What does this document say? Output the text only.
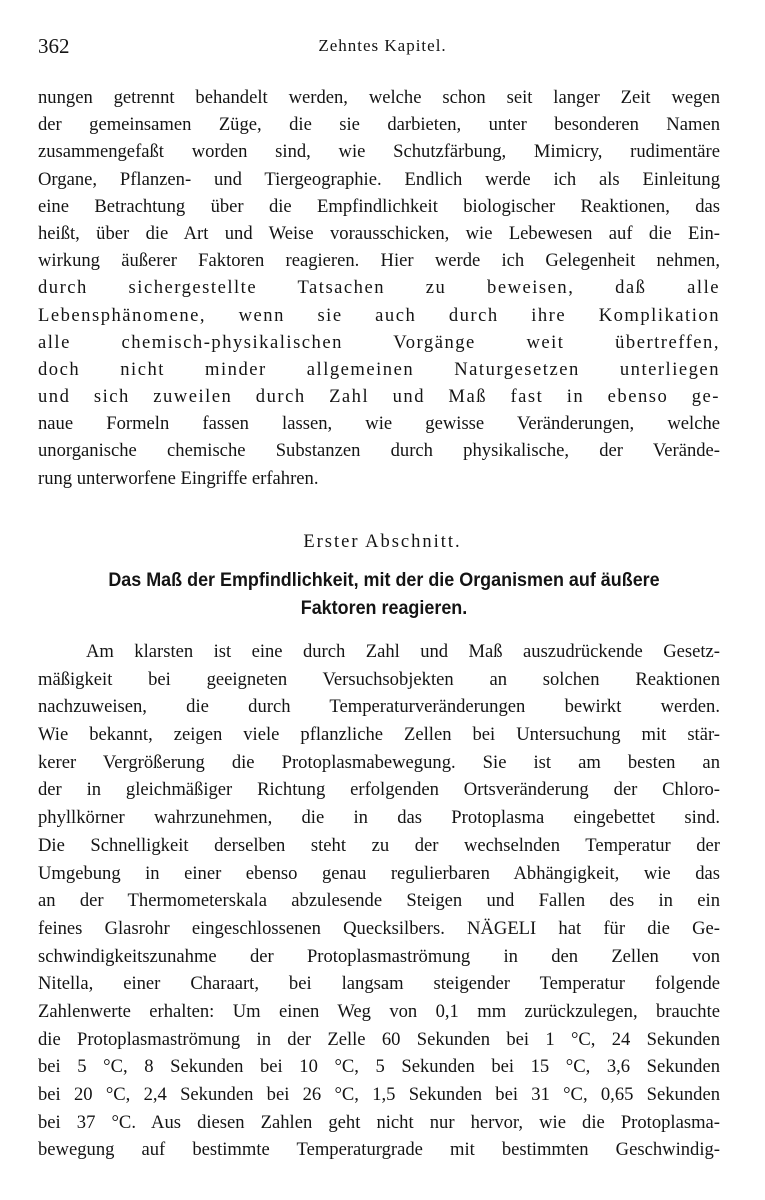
362	Zehntes Kapitel.
nungen getrennt behandelt werden, welche schon seit langer Zeit wegen
der gemeinsamen Züge, die sie darbieten, unter besonderen Namen
zusammengefaßt worden sind, wie Schutzfärbung, Mimicry, rudimentäre
Organe, Pflanzen- und Tiergeographie. Endlich werde ich als Einleitung
eine Betrachtung über die Empfindlichkeit biologischer Reaktionen, das
heißt, über die Art und Weise vorausschicken, wie Lebewesen auf die Ein-
wirkung äußerer Faktoren reagieren. Hier werde ich Gelegenheit nehmen,
durch sichergestellte Tatsachen zu beweisen, daß alle
Lebensphänomene, wenn sie auch durch ihre Komplikation
alle chemisch-physikalischen Vorgänge weit übertreffen,
doch nicht minder allgemeinen Naturgesetzen unterliegen
und sich zuweilen durch Zahl und Maß fast in ebenso ge-
naue Formeln fassen lassen, wie gewisse Veränderungen, welche
unorganische chemische Substanzen durch physikalische, der Verände-
rung unterworfene Eingriffe erfahren.
Erster Abschnitt.
Das Maß der Empfindlichkeit, mit der die Organismen auf äußere
Faktoren reagieren.
Am klarsten ist eine durch Zahl und Maß auszudrückende Gesetz-
mäßigkeit bei geeigneten Versuchsobjekten an solchen Reaktionen
nachzuweisen, die durch Temperaturveränderungen bewirkt werden.
Wie bekannt, zeigen viele pflanzliche Zellen bei Untersuchung mit stär-
kerer Vergrößerung die Protoplasmabewegung. Sie ist am besten an
der in gleichmäßiger Richtung erfolgenden Ortsveränderung der Chloro-
phyllkörner wahrzunehmen, die in das Protoplasma eingebettet sind.
Die Schnelligkeit derselben steht zu der wechselnden Temperatur der
Umgebung in einer ebenso genau regulierbaren Abhängigkeit, wie das
an der Thermometerskala abzulesende Steigen und Fallen des in ein
feines Glasrohr eingeschlossenen Quecksilbers. NÄGELI hat für die Ge-
schwindigkeitszunahme der Protoplasmaströmung in den Zellen von
Nitella, einer Charaart, bei langsam steigender Temperatur folgende
Zahlenwerte erhalten: Um einen Weg von 0,1 mm zurückzulegen, brauchte
die Protoplasmaströmung in der Zelle 60 Sekunden bei 1 °C, 24 Sekunden
bei 5 °C, 8 Sekunden bei 10 °C, 5 Sekunden bei 15 °C, 3,6 Sekunden
bei 20 °C, 2,4 Sekunden bei 26 °C, 1,5 Sekunden bei 31 °C, 0,65 Sekunden
bei 37 °C. Aus diesen Zahlen geht nicht nur hervor, wie die Protoplasma-
bewegung auf bestimmte Temperaturgrade mit bestimmten Geschwindig-
